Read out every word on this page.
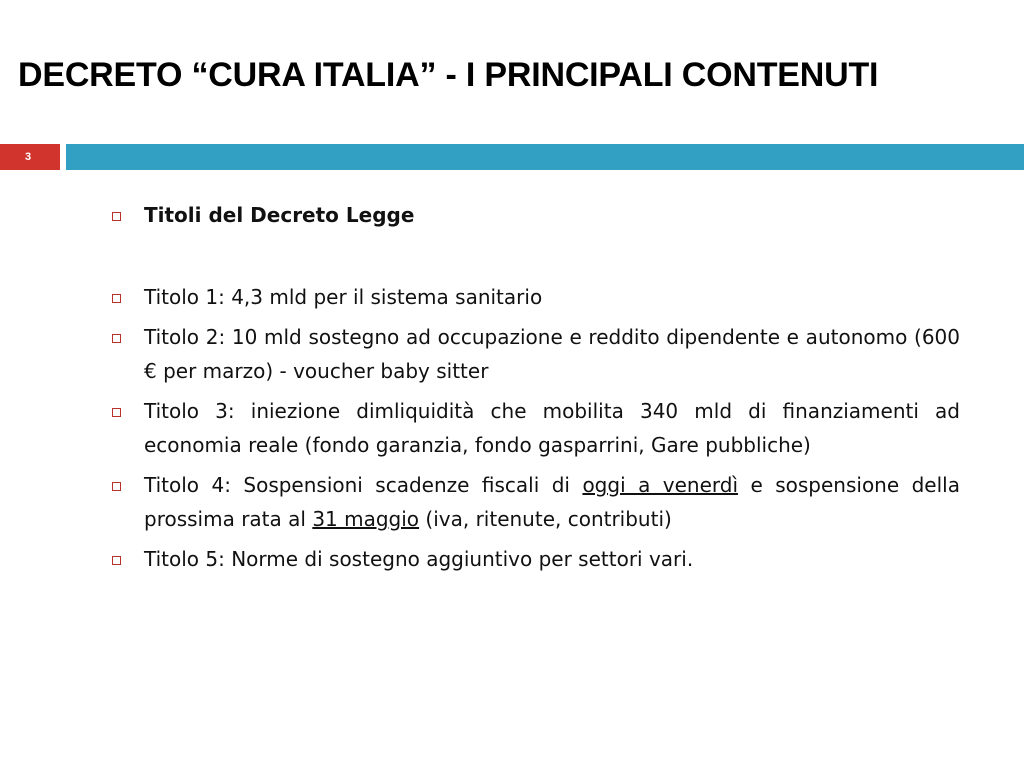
DECRETO “CURA ITALIA” - I PRINCIPALI CONTENUTI
3
Titoli del Decreto Legge
Titolo 1: 4,3 mld per il sistema sanitario
Titolo 2: 10 mld sostegno ad occupazione e reddito dipendente e autonomo (600 € per marzo) - voucher baby sitter
Titolo 3: iniezione dimliquidità che mobilita 340 mld di finanziamenti ad economia reale (fondo garanzia, fondo gasparrini, Gare pubbliche)
Titolo 4: Sospensioni scadenze fiscali di oggi a venerdì e sospensione della prossima rata al 31 maggio (iva, ritenute, contributi)
Titolo 5: Norme di sostegno aggiuntivo per settori vari.
